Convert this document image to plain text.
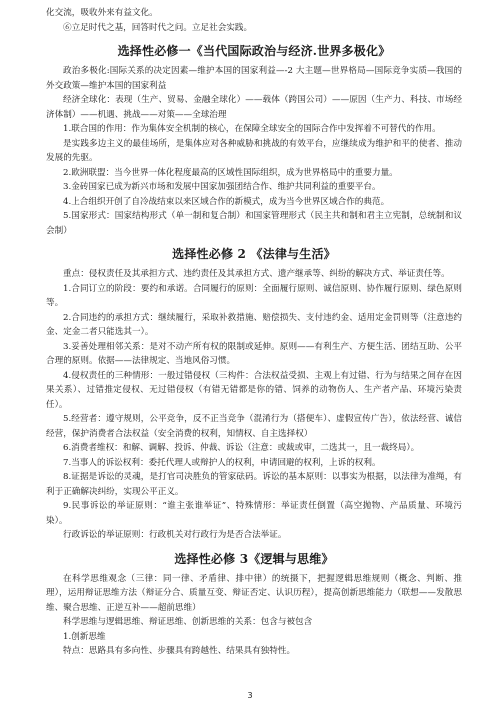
化交流，吸收外来有益文化。

⑥立足时代之基，回答时代之问。立足社会实践。

选择性必修一《当代国际政治与经济.世界多极化》

政治多极化:国际关系的决定因素—维护本国的国家利益—-2 大主题—世界格局—国际竞争实质—我国的外交政策—维护本国的国家利益

经济全球化：表现（生产、贸易、金融全球化）——载体（跨国公司）——原因（生产力、科技、市场经济体制）——机遇、挑战——对策——全球治理

1.联合国的作用：作为集体安全机制的核心，在保障全球安全的国际合作中发挥着不可替代的作用。

是实践多边主义的最佳场所，是集体应对各种威胁和挑战的有效平台，应继续成为维护和平的使者、推动发展的先驱。

2.欧洲联盟：当今世界一体化程度最高的区域性国际组织，成为世界格局中的重要力量。

3.金砖国家已成为新兴市场和发展中国家加强团结合作、维护共同利益的重要平台。

4.上合组织开创了自冷战结束以来区域合作的新模式，成为当今世界区域合作的典范。

5.国家形式：国家结构形式（单一制和复合制）和国家管理形式（民主共和制和君主立宪制，总统制和议会制）

选择性必修 2 《法律与生活》

重点：侵权责任及其承担方式、违约责任及其承担方式、遗产继承等、纠纷的解决方式、举证责任等。

1.合同订立的阶段：要约和承诺。合同履行的原则：全面履行原则、诚信原则、协作履行原则、绿色原则等。

2.合同违约的承担方式：继续履行，采取补救措施、赔偿损失、支付违约金、适用定金罚则等（注意违约金、定金二者只能选其一）。

3.妥善处理相邻关系：是对不动产所有权的限制或延伸。原则——有利生产、方便生活、团结互助、公平合理的原则。依据——法律规定、当地风俗习惯。

4.侵权责任的三种情形：一般过错侵权（三构件：合法权益受损、主观上有过错、行为与结果之间存在因果关系）、过错推定侵权、无过错侵权（有错无错都是你的错、饲养的动物伤人、生产者产品、环境污染责任）。

5.经营者：遵守规则，公平竞争，反不正当竞争（混淆行为（搭便车）、虚假宣传广告），依法经营、诚信经营，保护消费者合法权益（安全消费的权利，知情权、自主选择权）

6.消费者维权：和解、调解、投诉、仲裁、诉讼（注意：或裁或审，二选其一，且一裁终局）。

7.当事人的诉讼权利：委托代理人或辩护人的权利，申请回避的权利，上诉的权利。

8.证据是诉讼的灵魂，是打官司决胜负的管家砝码。诉讼的基本原则：以事实为根据，以法律为准绳，有利于正确解决纠纷，实现公平正义。

9.民事诉讼的举证原则：“谁主张谁举证”、特殊情形：举证责任倒置（高空抛物、产品质量、环境污染）。

行政诉讼的举证原则：行政机关对行政行为是否合法举证。

选择性必修 3《逻辑与思维》

在科学思维观念（三律：同一律、矛盾律、排中律）的统摄下，把握逻辑思维规则（概念、判断、推理），运用辩证思维方法（辩证分合、质量互变、辩证否定、认识历程），提高创新思维能力（联想——发散思维、聚合思维、正逆互补——超前思维）

科学思维与逻辑思维、辩证思维、创新思维的关系：包含与被包含

1.创新思维

特点：思路具有多向性、步骤具有跨越性、结果具有独特性。

3
